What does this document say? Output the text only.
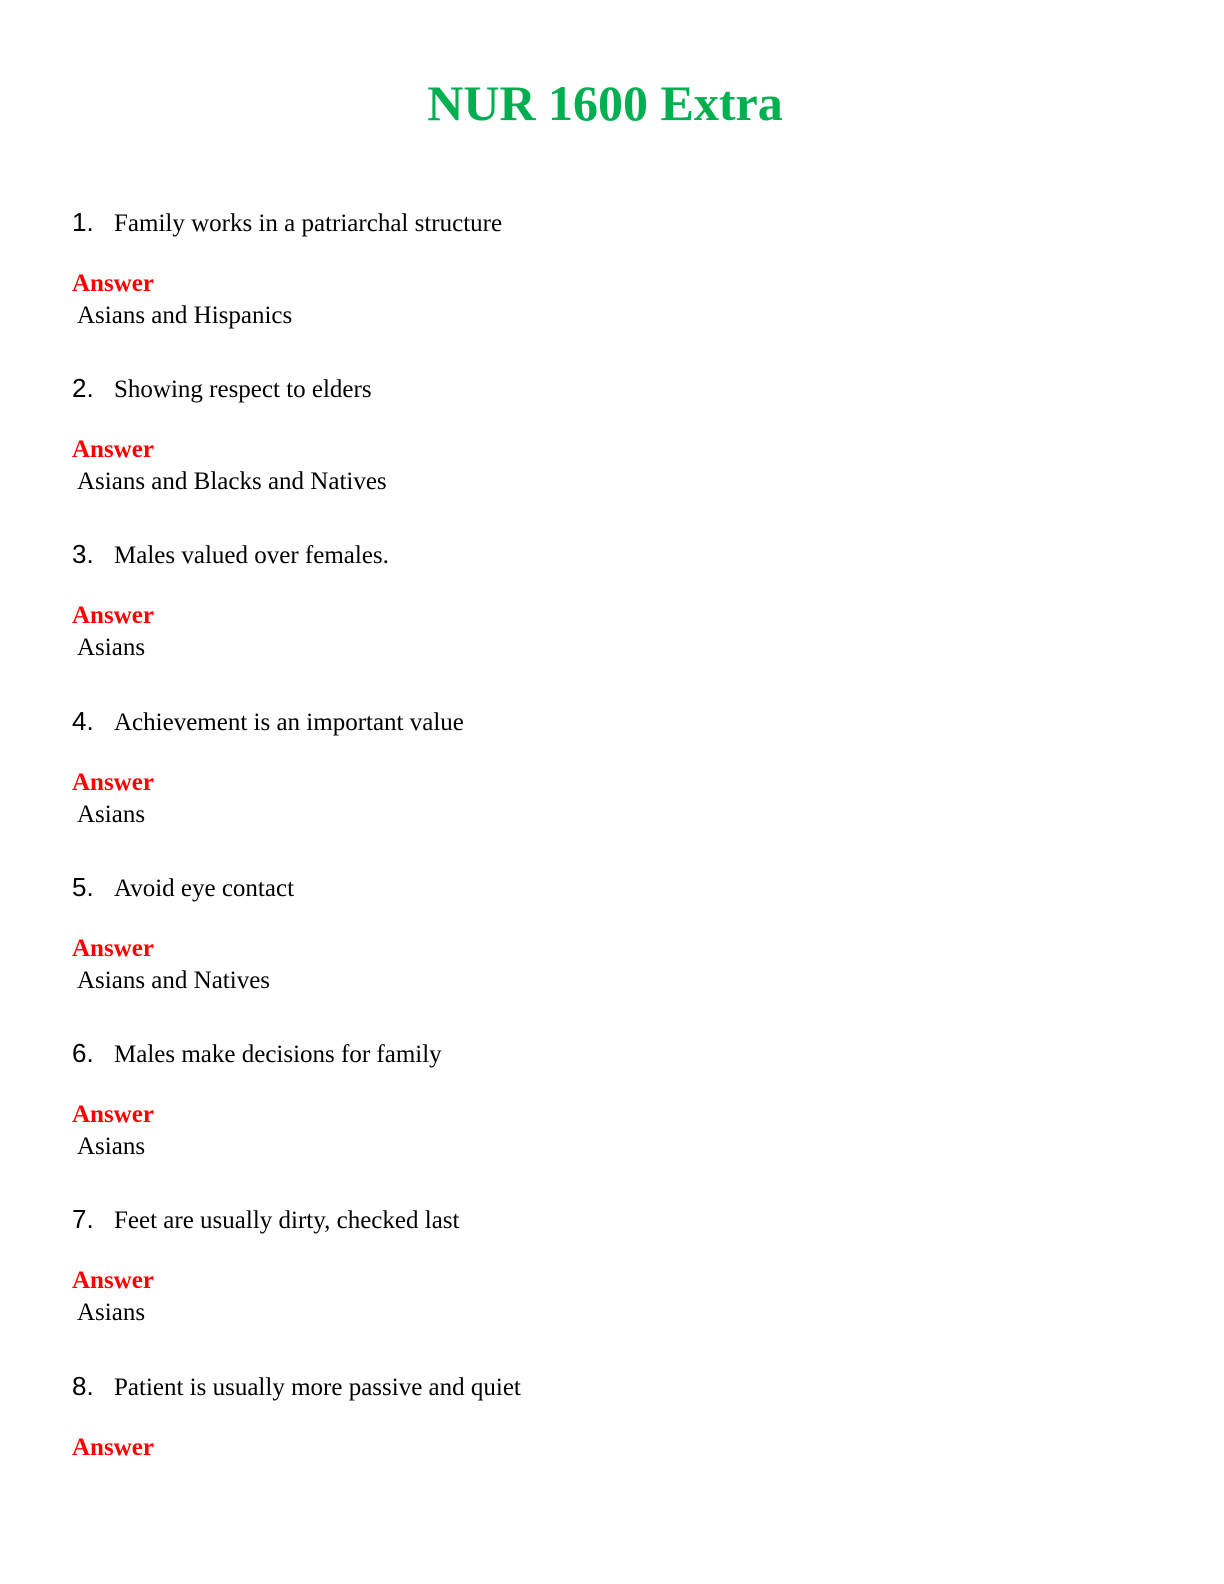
NUR 1600 Extra
1. Family works in a patriarchal structure
Answer
Asians and Hispanics
2. Showing respect to elders
Answer
Asians and Blacks and Natives
3. Males valued over females.
Answer
Asians
4. Achievement is an important value
Answer
Asians
5. Avoid eye contact
Answer
Asians and Natives
6. Males make decisions for family
Answer
Asians
7. Feet are usually dirty, checked last
Answer
Asians
8. Patient is usually more passive and quiet
Answer
